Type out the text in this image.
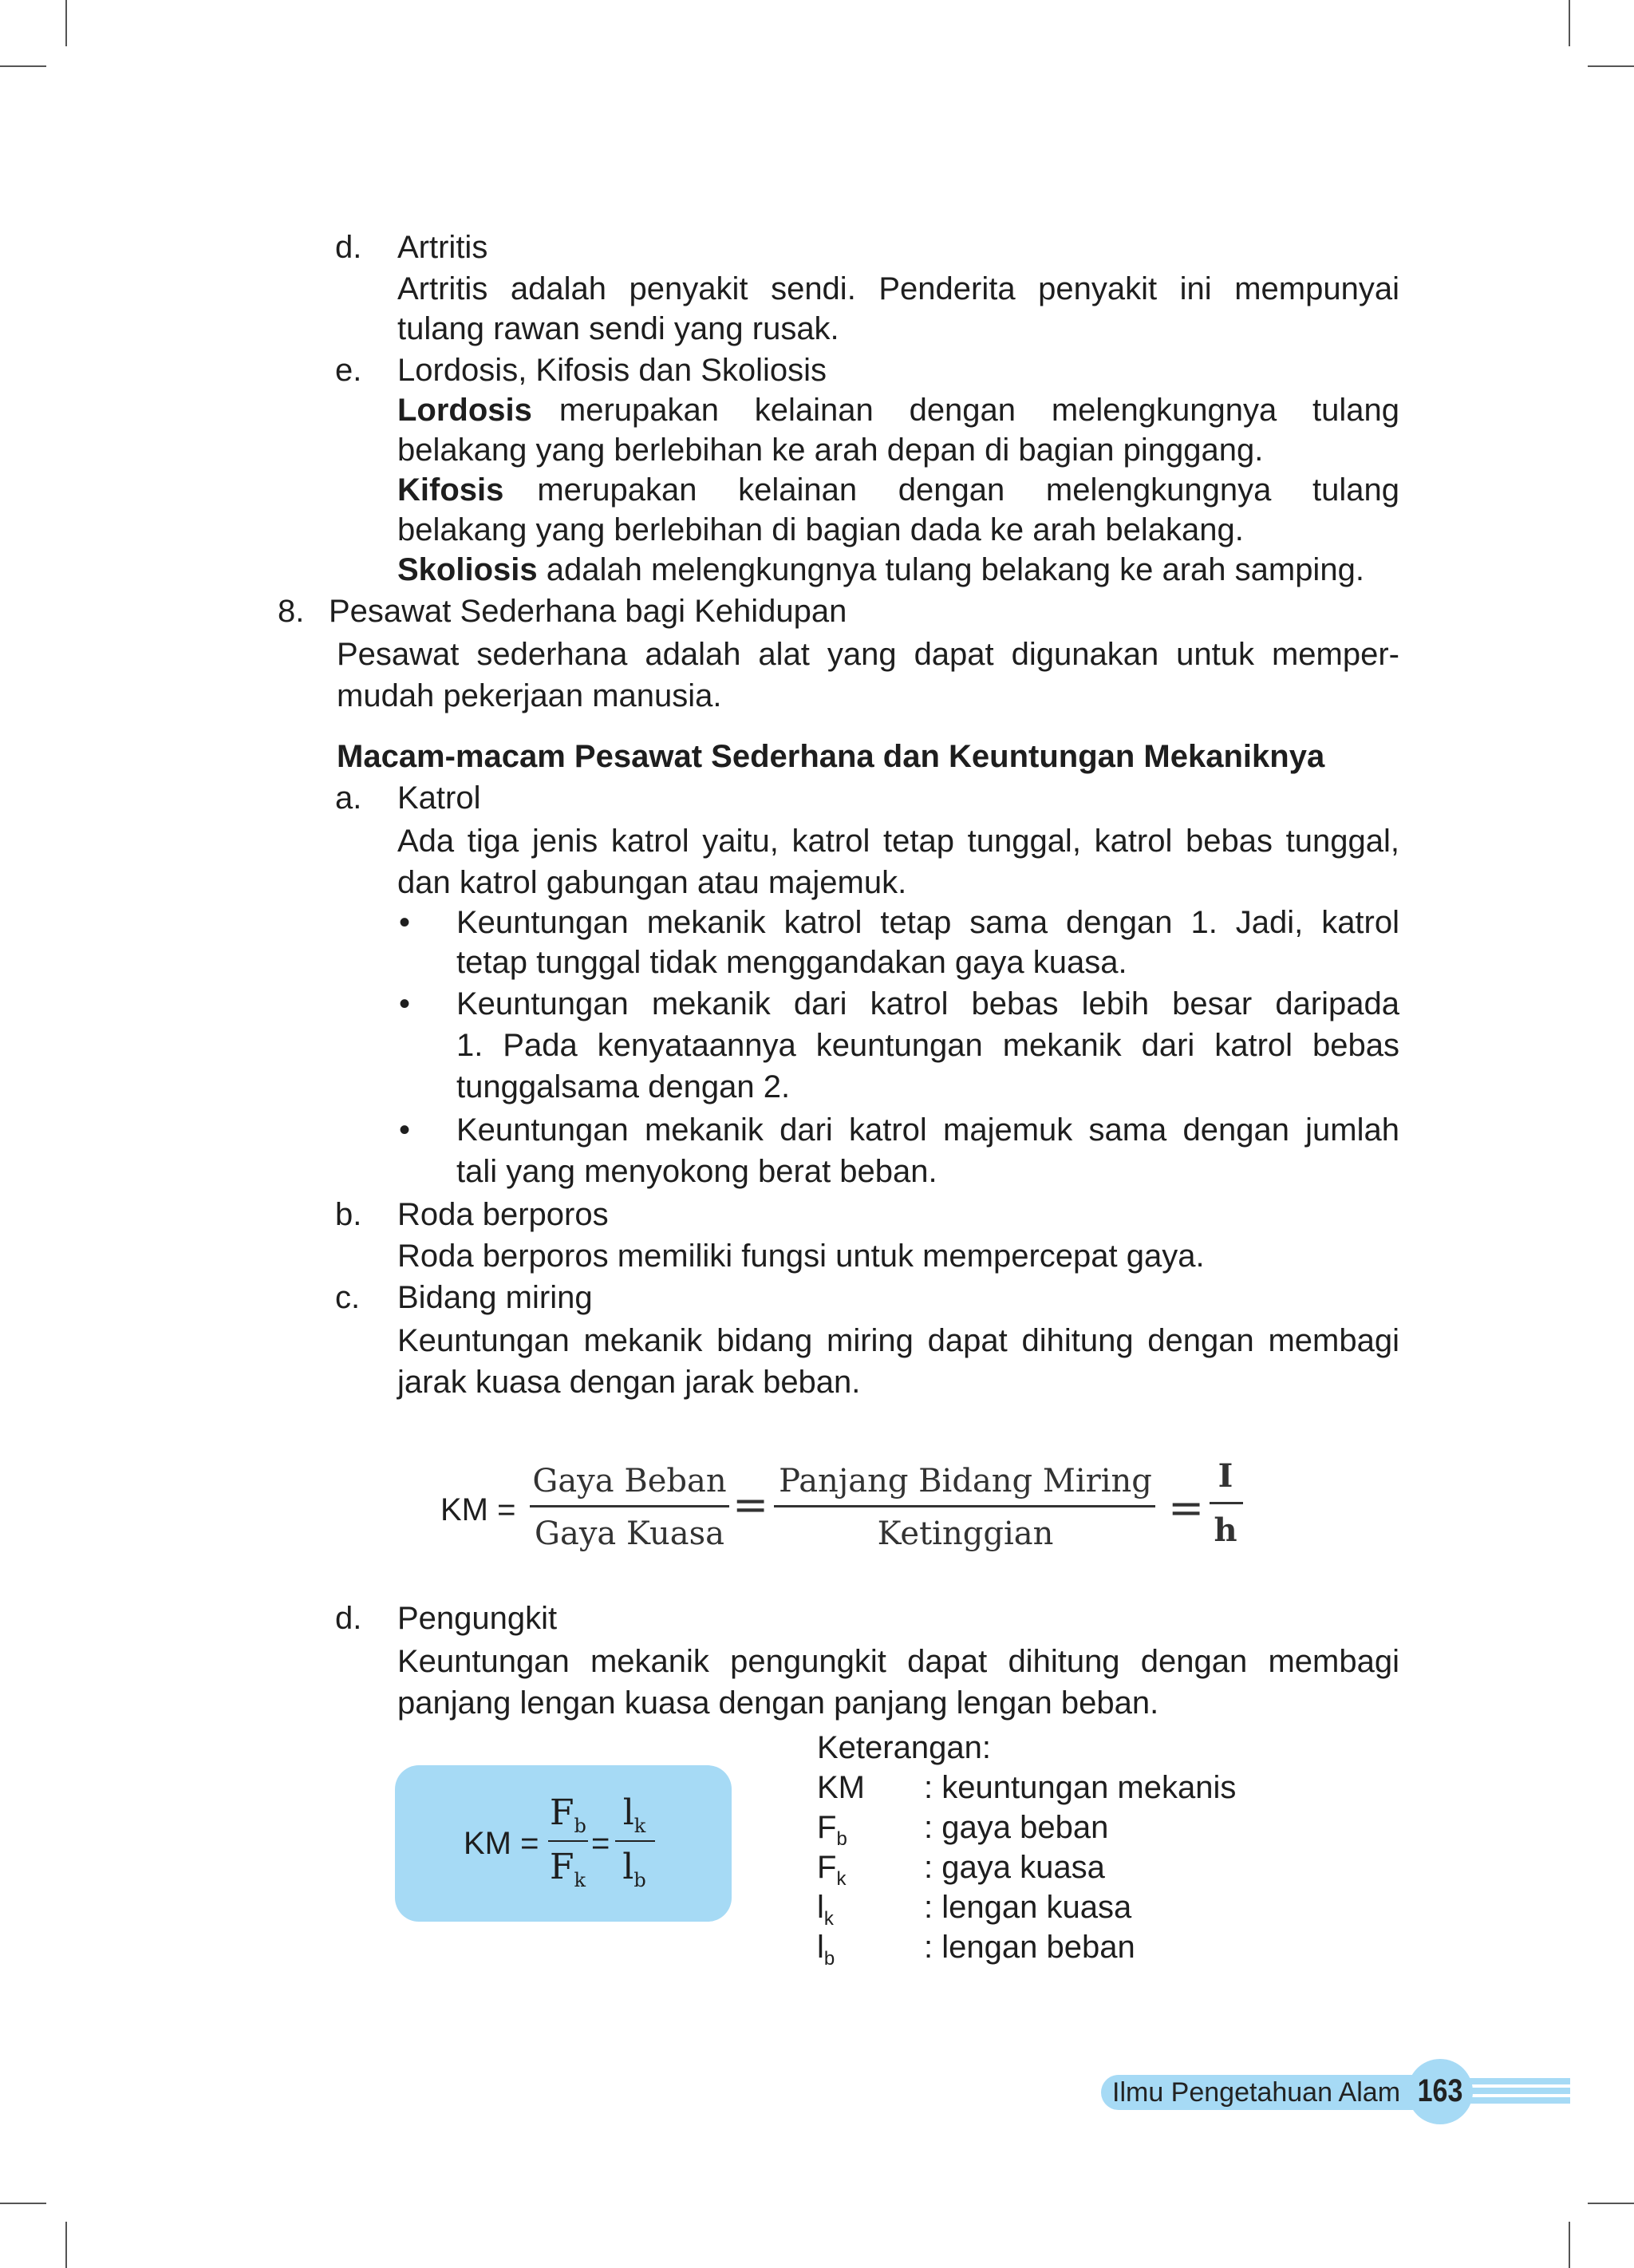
d. Artritis
Artritis adalah penyakit sendi. Penderita penyakit ini mempunyai
tulang rawan sendi yang rusak.
e. Lordosis, Kifosis dan Skoliosis
Lordosis merupakan kelainan dengan melengkungnya tulang
belakang yang berlebihan ke arah depan di bagian pinggang.
Kifosis merupakan kelainan dengan melengkungnya tulang
belakang yang berlebihan di bagian dada ke arah belakang.
Skoliosis adalah melengkungnya tulang belakang ke arah samping.
8. Pesawat Sederhana bagi Kehidupan
Pesawat sederhana adalah alat yang dapat digunakan untuk memper-
mudah pekerjaan manusia.
Macam-macam Pesawat Sederhana dan Keuntungan Mekaniknya
a. Katrol
Ada tiga jenis katrol yaitu, katrol tetap tunggal, katrol bebas tunggal,
dan katrol gabungan atau majemuk.
• Keuntungan mekanik katrol tetap sama dengan 1. Jadi, katrol
tetap tunggal tidak menggandakan gaya kuasa.
• Keuntungan mekanik dari katrol bebas lebih besar daripada
1. Pada kenyataannya keuntungan mekanik dari katrol bebas
tunggalsama dengan 2.
• Keuntungan mekanik dari katrol majemuk sama dengan jumlah
tali yang menyokong berat beban.
b. Roda berporos
Roda berporos memiliki fungsi untuk mempercepat gaya.
c. Bidang miring
Keuntungan mekanik bidang miring dapat dihitung dengan membagi
jarak kuasa dengan jarak beban.
KM =
Gaya Beban
Gaya Kuasa
= Panjang Bidang Miring
Ketinggian
=
I
h
d. Pengungkit
Keuntungan mekanik pengungkit dapat dihitung dengan membagi
panjang lengan kuasa dengan panjang lengan beban.
KM =
$F_b$
$F_k$
=
$l_k$
$l_b$
Keterangan:
KM : keuntungan mekanis
$F_b$ : gaya beban
$F_k$ : gaya kuasa
$l_k$	: lengan kuasa
$l_b$	: lengan beban
Ilmu Pengetahuan Alam 163
